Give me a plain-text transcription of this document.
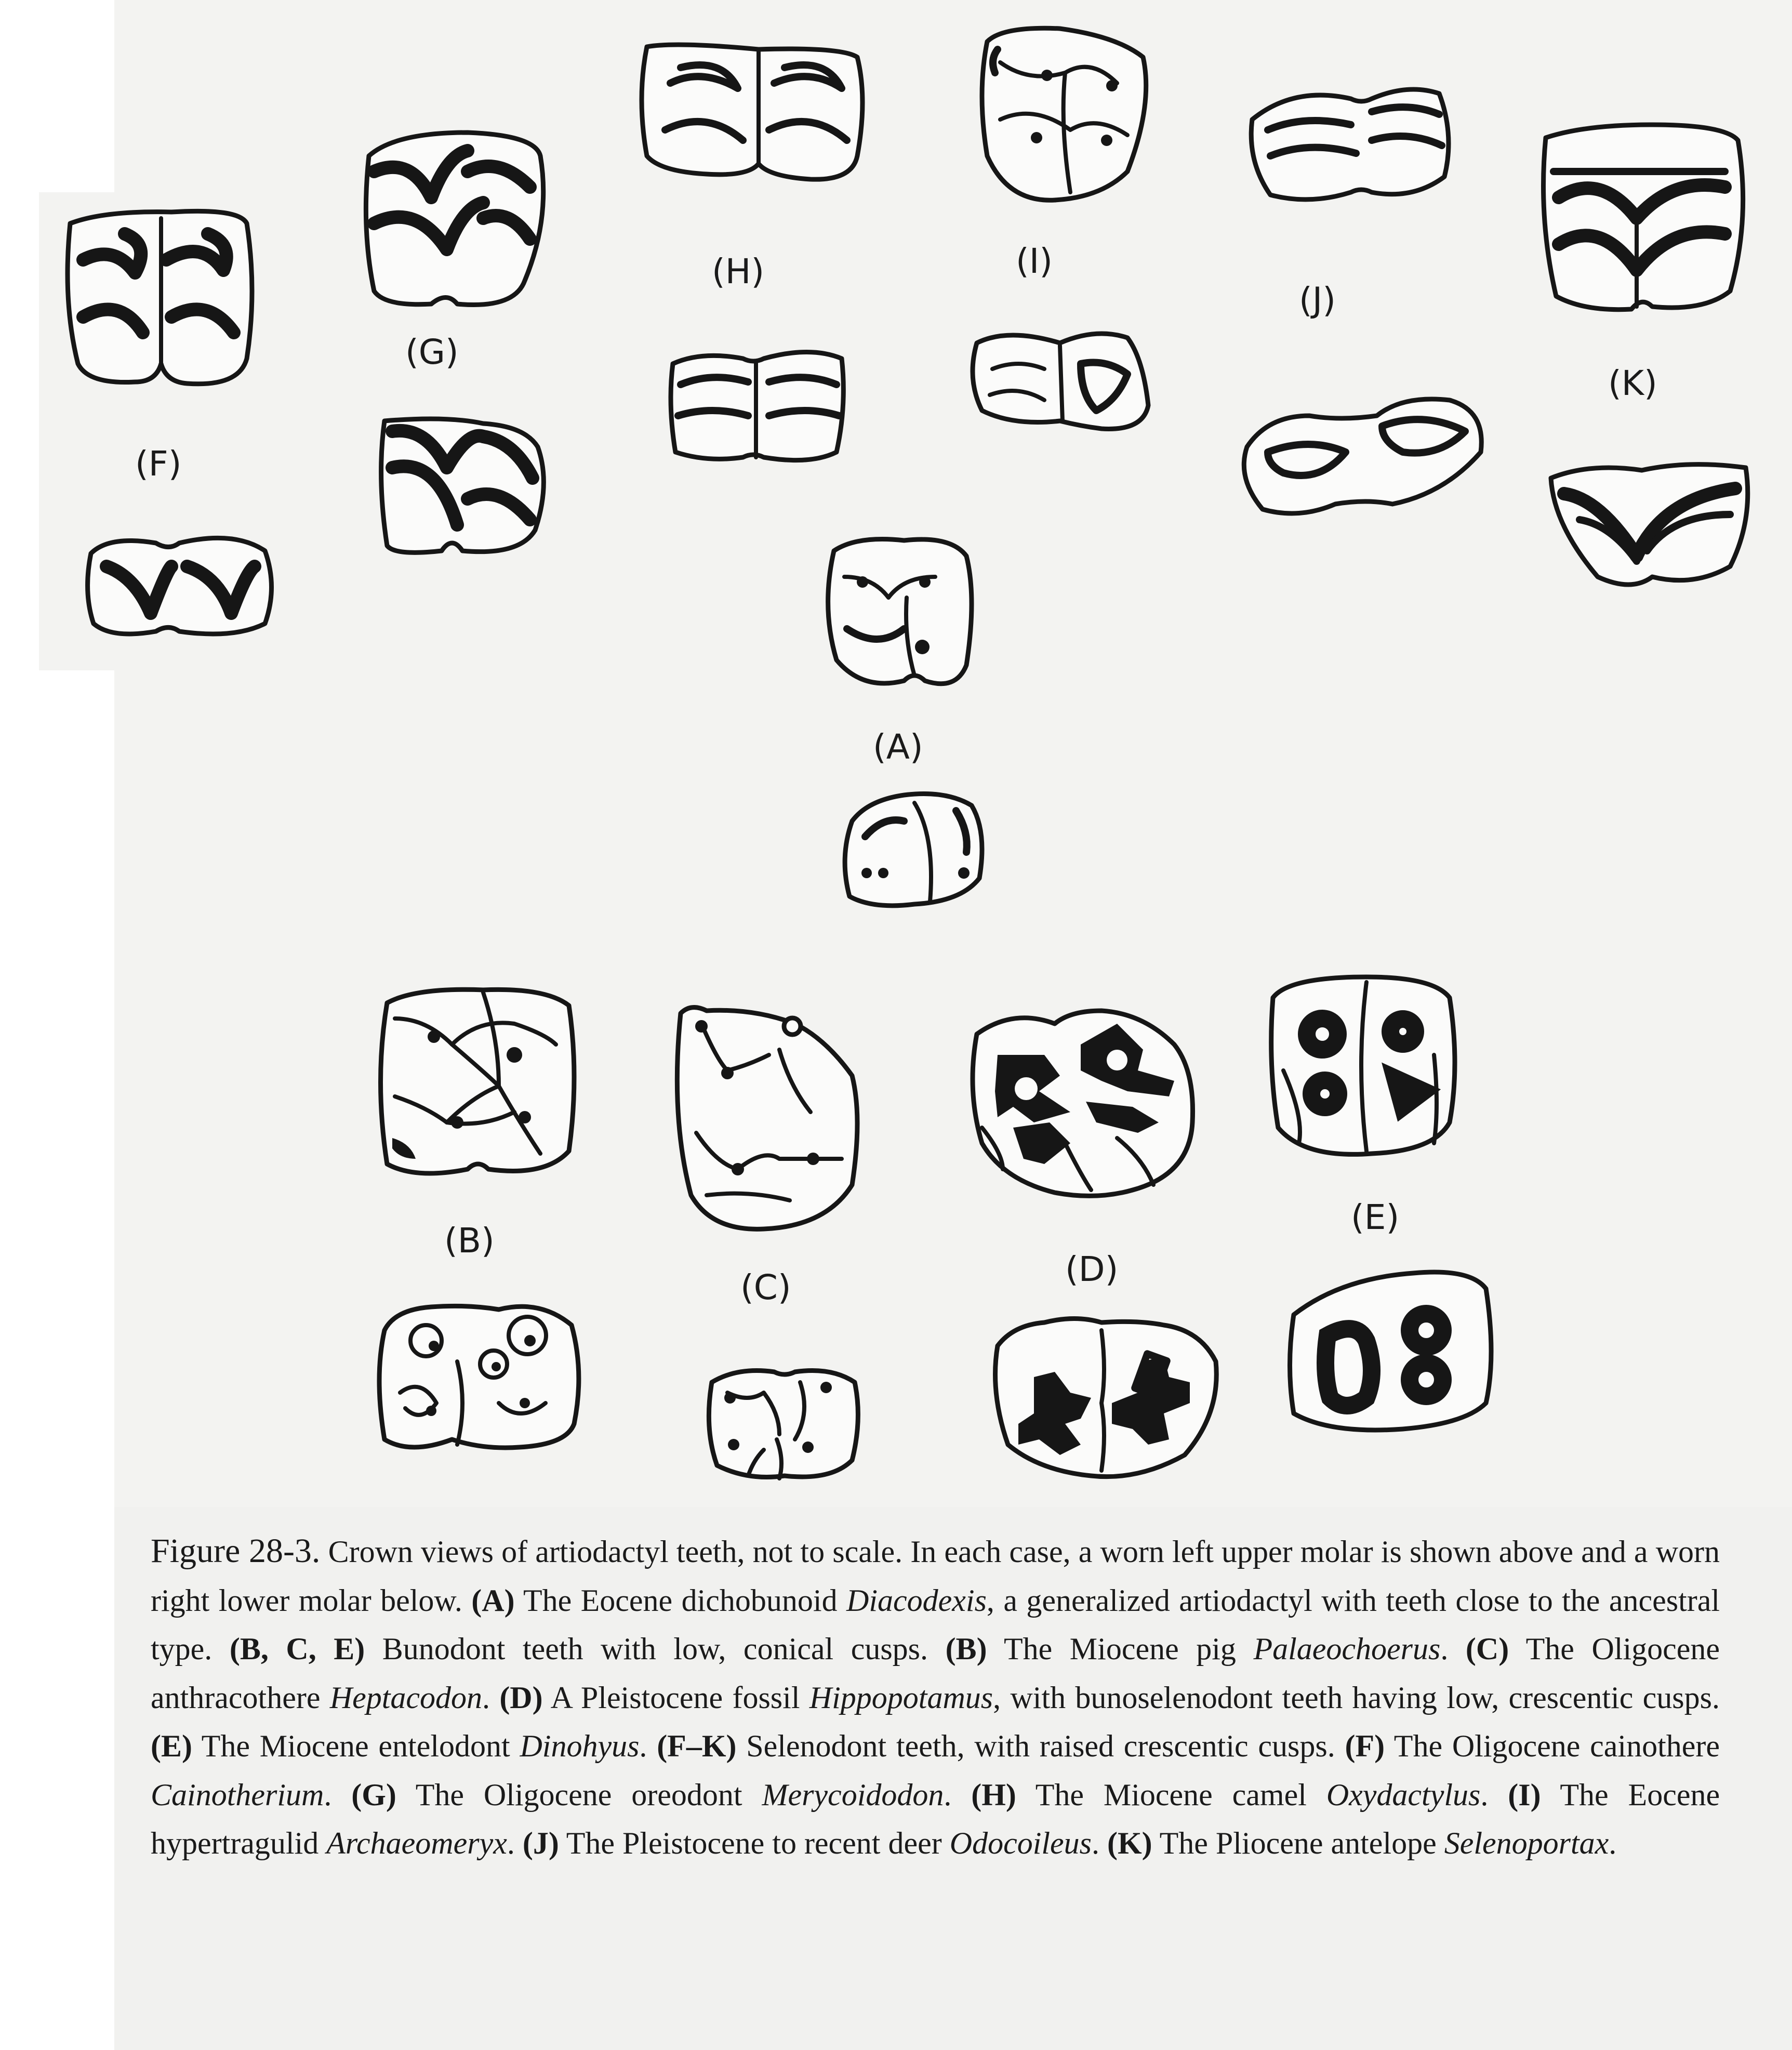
(F)
(G)
(H)	(I)
(J)
(K)
(A)
(B)
(C)	(D)
(E)

Figure 28-3. Crown views of artiodactyl teeth, not to scale. In each case, a worn left upper molar is shown above and a worn right lower molar below. (A) The Eocene dichobunoid Diacodexis, a generalized artiodactyl with teeth close to the ancestral type. (B, C, E) Bunodont teeth with low, conical cusps. (B) The Miocene pig Palaeochoerus. (C) The Oligocene anthracothere Heptacodon. (D) A Pleistocene fossil Hippopotamus, with bunoselenodont teeth having low, crescentic cusps. (E) The Miocene entelodont Dinohyus. (F–K) Selenodont teeth, with raised crescentic cusps. (F) The Oligocene cainothere Cainotherium. (G) The Oligocene oreodont Merycoidodon. (H) The Miocene camel Oxydactylus. (I) The Eocene hypertragulid Archaeomeryx. (J) The Pleistocene to recent deer Odocoileus. (K) The Pliocene antelope Selenoportax.
